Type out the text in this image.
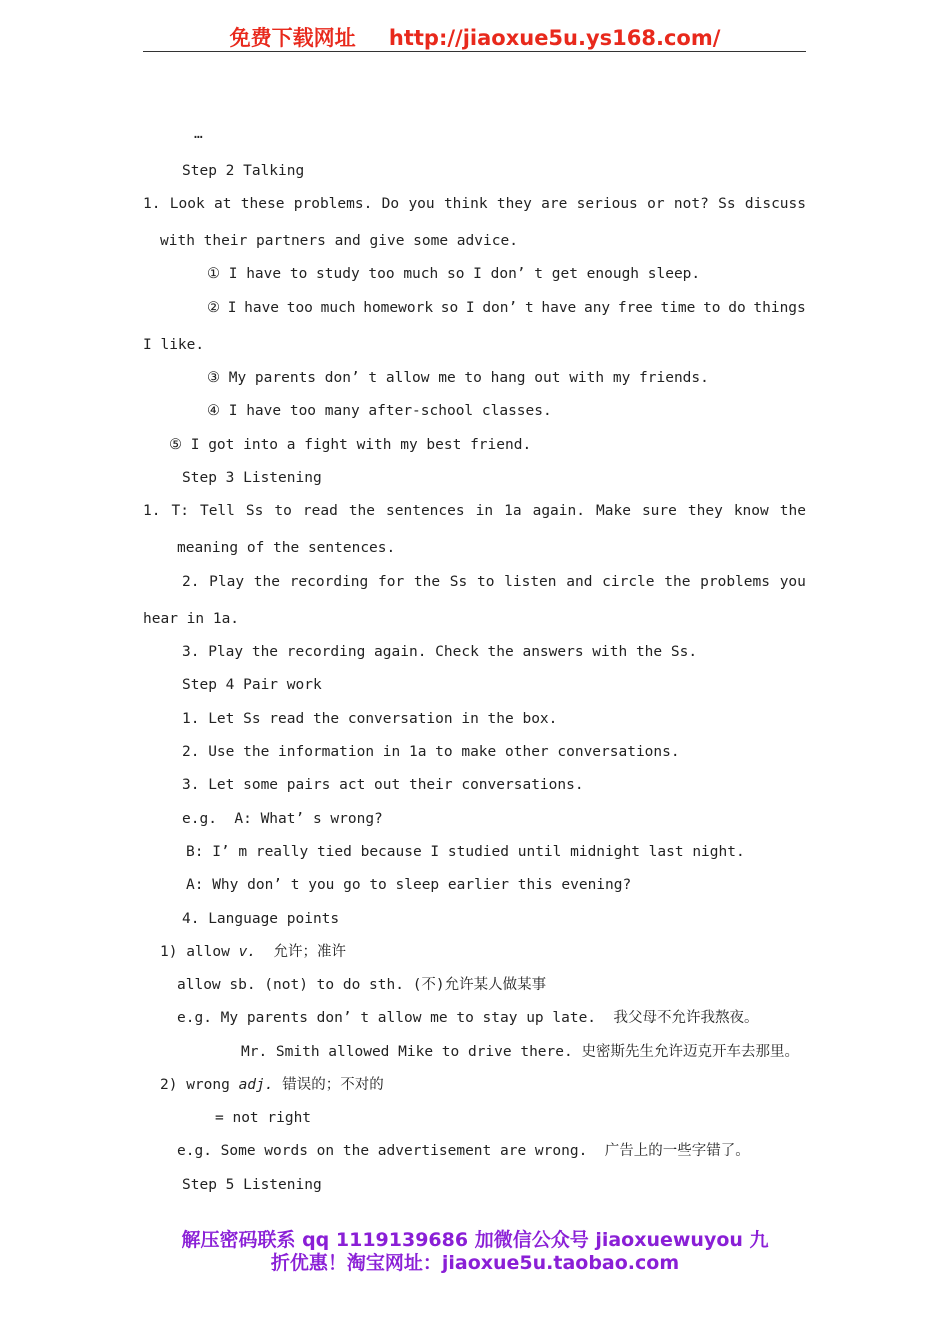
免费下载网址 http://jiaoxue5u.ys168.com/
…
Step 2 Talking
1. Look at these problems. Do you think they are serious or not? Ss discuss
with their partners and give some advice.
① I have to study too much so I don’ t get enough sleep.
② I have too much homework so I don’ t have any free time to do things
I like.
③ My parents don’ t allow me to hang out with my friends.
④ I have too many after-school classes.
⑤ I got into a fight with my best friend.
Step 3 Listening
1. T: Tell Ss to read the sentences in 1a again. Make sure they know the
meaning of the sentences.
2. Play the recording for the Ss to listen and circle the problems you
hear in 1a.
3. Play the recording again. Check the answers with the Ss.
Step 4 Pair work
1. Let Ss read the conversation in the box.
2. Use the information in 1a to make other conversations.
3. Let some pairs act out their conversations.
e.g.  A: What’ s wrong?
B: I’ m really tied because I studied until midnight last night.
A: Why don’ t you go to sleep earlier this evening?
4. Language points
1) allow v.  允许；准许
allow sb. (not) to do sth. (不)允许某人做某事
e.g. My parents don’ t allow me to stay up late.  我父母不允许我熬夜。
Mr. Smith allowed Mike to drive there. 史密斯先生允许迈克开车去那里。
2) wrong adj. 错误的；不对的
= not right
e.g. Some words on the advertisement are wrong.  广告上的一些字错了。
Step 5 Listening
解压密码联系 qq 1119139686 加微信公众号 jiaoxuewuyou 九
折优惠！淘宝网址：jiaoxue5u.taobao.com
